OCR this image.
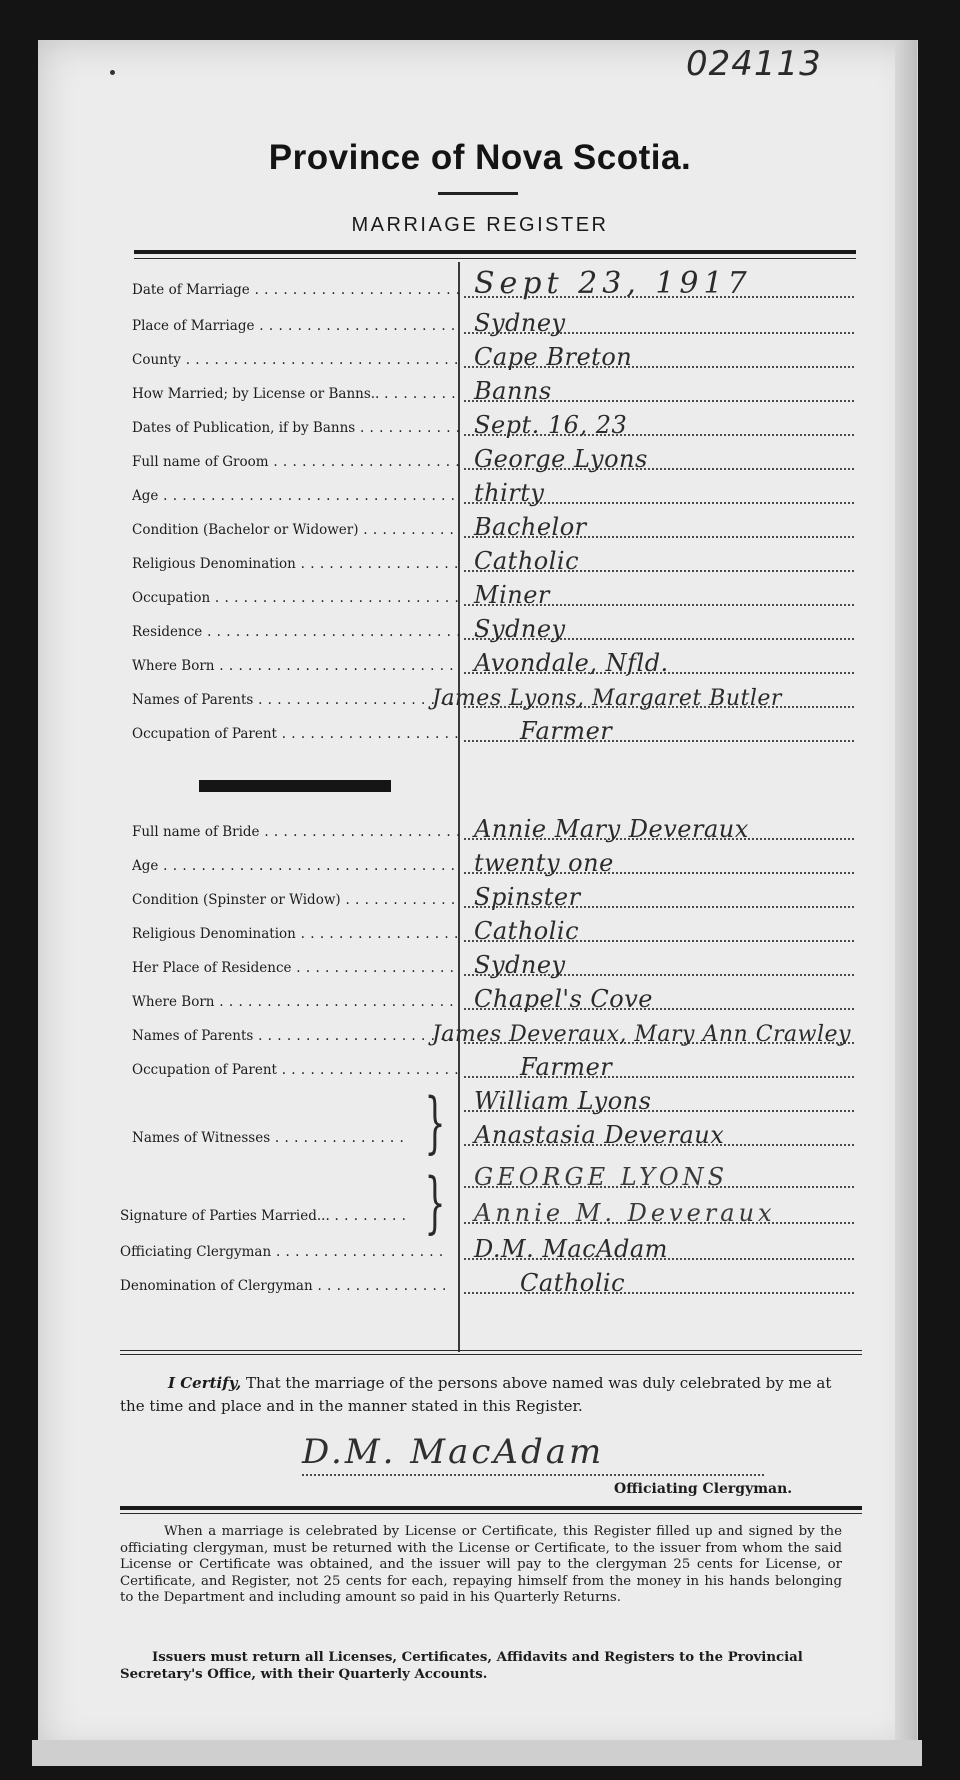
024113
Province of Nova Scotia.
MARRIAGE REGISTER
Date of Marriage . . .	Sept 23, 1917
Place of Marriage . . .	Sydney
County . . .	Cape Breton
How Married; by License or Banns.. . . .	Banns
Dates of Publication, if by Banns . . .	Sept. 16, 23
Full name of Groom . . .	George Lyons
Age . . .	thirty
Condition (Bachelor or Widower) . . .	Bachelor
Religious Denomination . . .	Catholic
Occupation . . .	Miner
Residence . . .	Sydney
Where Born . . .	Avondale, Nfld.
Names of Parents . . .	James Lyons, Margaret Butler
Occupation of Parent . . .	Farmer
Full name of Bride . . .	Annie Mary Deveraux
Age . . .	twenty one
Condition (Spinster or Widow) . . .	Spinster
Religious Denomination . . .	Catholic
Her Place of Residence . . .	Sydney
Where Born . . .	Chapel's Cove
Names of Parents . . .	James Deveraux, Mary Ann Crawley
Occupation of Parent . . .	Farmer
William Lyons
Names of Witnesses . . .	Anastasia Deveraux
}
GEORGE LYONS
Signature of Parties Married... . . .	Annie M. Deveraux
}
Officiating Clergyman . . .	D.M. MacAdam
Denomination of Clergyman . . .	Catholic
I Certify, That the marriage of the persons above named was duly celebrated by me at the time and place and in the manner stated in this Register.
D.M. MacAdam
Officiating Clergyman.
When a marriage is celebrated by License or Certificate, this Register filled up and signed by the officiating clergyman, must be returned with the License or Certificate, to the issuer from whom the said License or Certificate was obtained, and the issuer will pay to the clergyman 25 cents for License, or Certificate, and Register, not 25 cents for each, repaying himself from the money in his hands belonging to the Department and including amount so paid in his Quarterly Returns.
Issuers must return all Licenses, Certificates, Affidavits and Registers to the Provincial Secretary's Office, with their Quarterly Accounts.
